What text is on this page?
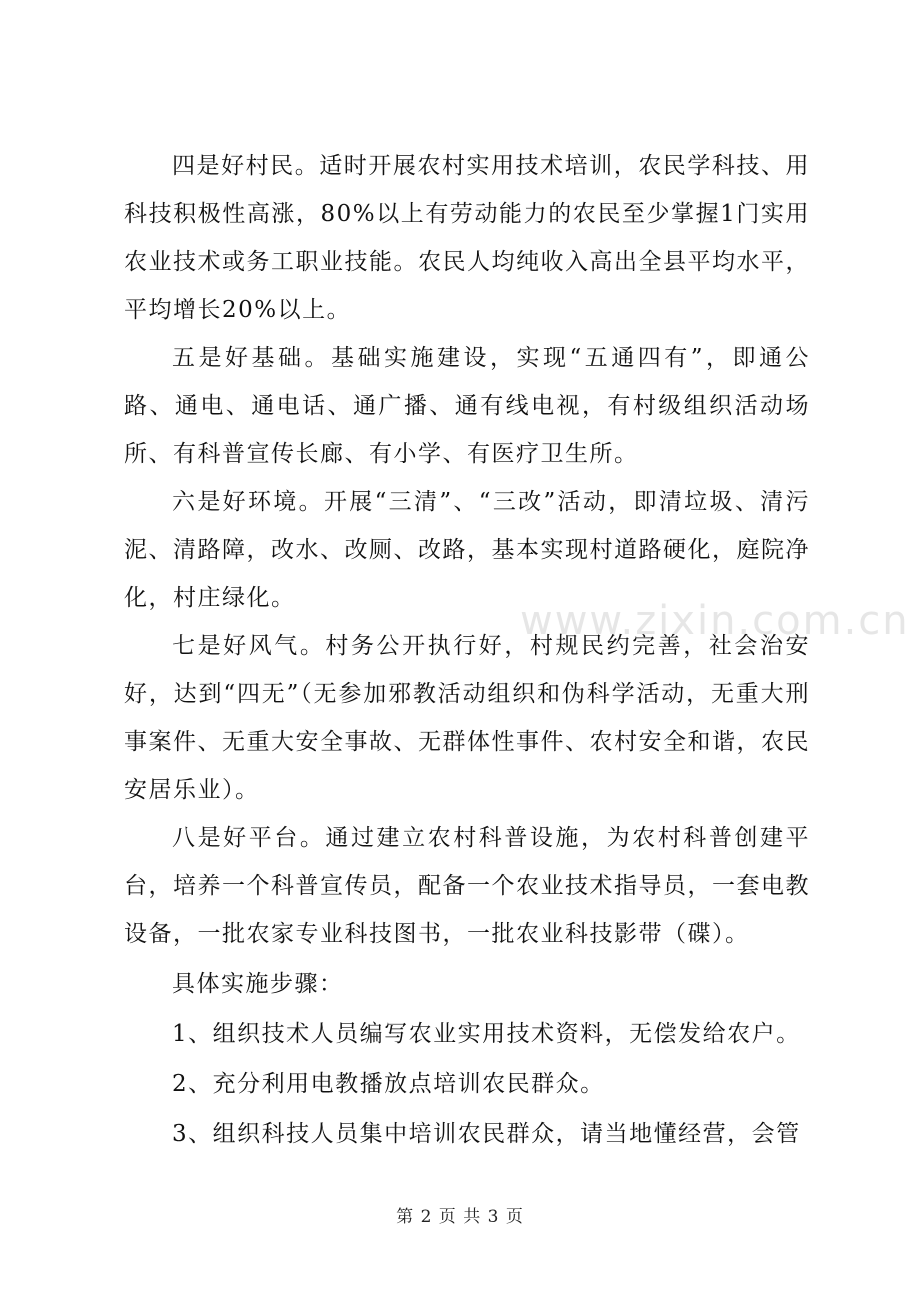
四是好村民。适时开展农村实用技术培训，农民学科技、用科技积极性高涨，80%以上有劳动能力的农民至少掌握1门实用农业技术或务工职业技能。农民人均纯收入高出全县平均水平，平均增长20%以上。

五是好基础。基础实施建设，实现“五通四有”，即通公路、通电、通电话、通广播、通有线电视，有村级组织活动场所、有科普宣传长廊、有小学、有医疗卫生所。

六是好环境。开展“三清”、“三改”活动，即清垃圾、清污泥、清路障，改水、改厕、改路，基本实现村道路硬化，庭院净化，村庄绿化。

七是好风气。村务公开执行好，村规民约完善，社会治安好，达到“四无”（无参加邪教活动组织和伪科学活动，无重大刑事案件、无重大安全事故、无群体性事件、农村安全和谐，农民安居乐业）。

八是好平台。通过建立农村科普设施，为农村科普创建平台，培养一个科普宣传员，配备一个农业技术指导员，一套电教设备，一批农家专业科技图书，一批农业科技影带（碟）。

具体实施步骤：

1、组织技术人员编写农业实用技术资料，无偿发给农户。

2、充分利用电教播放点培训农民群众。

3、组织科技人员集中培训农民群众，请当地懂经营，会管

www.zixin.com.cn
第 2 页 共 3 页
